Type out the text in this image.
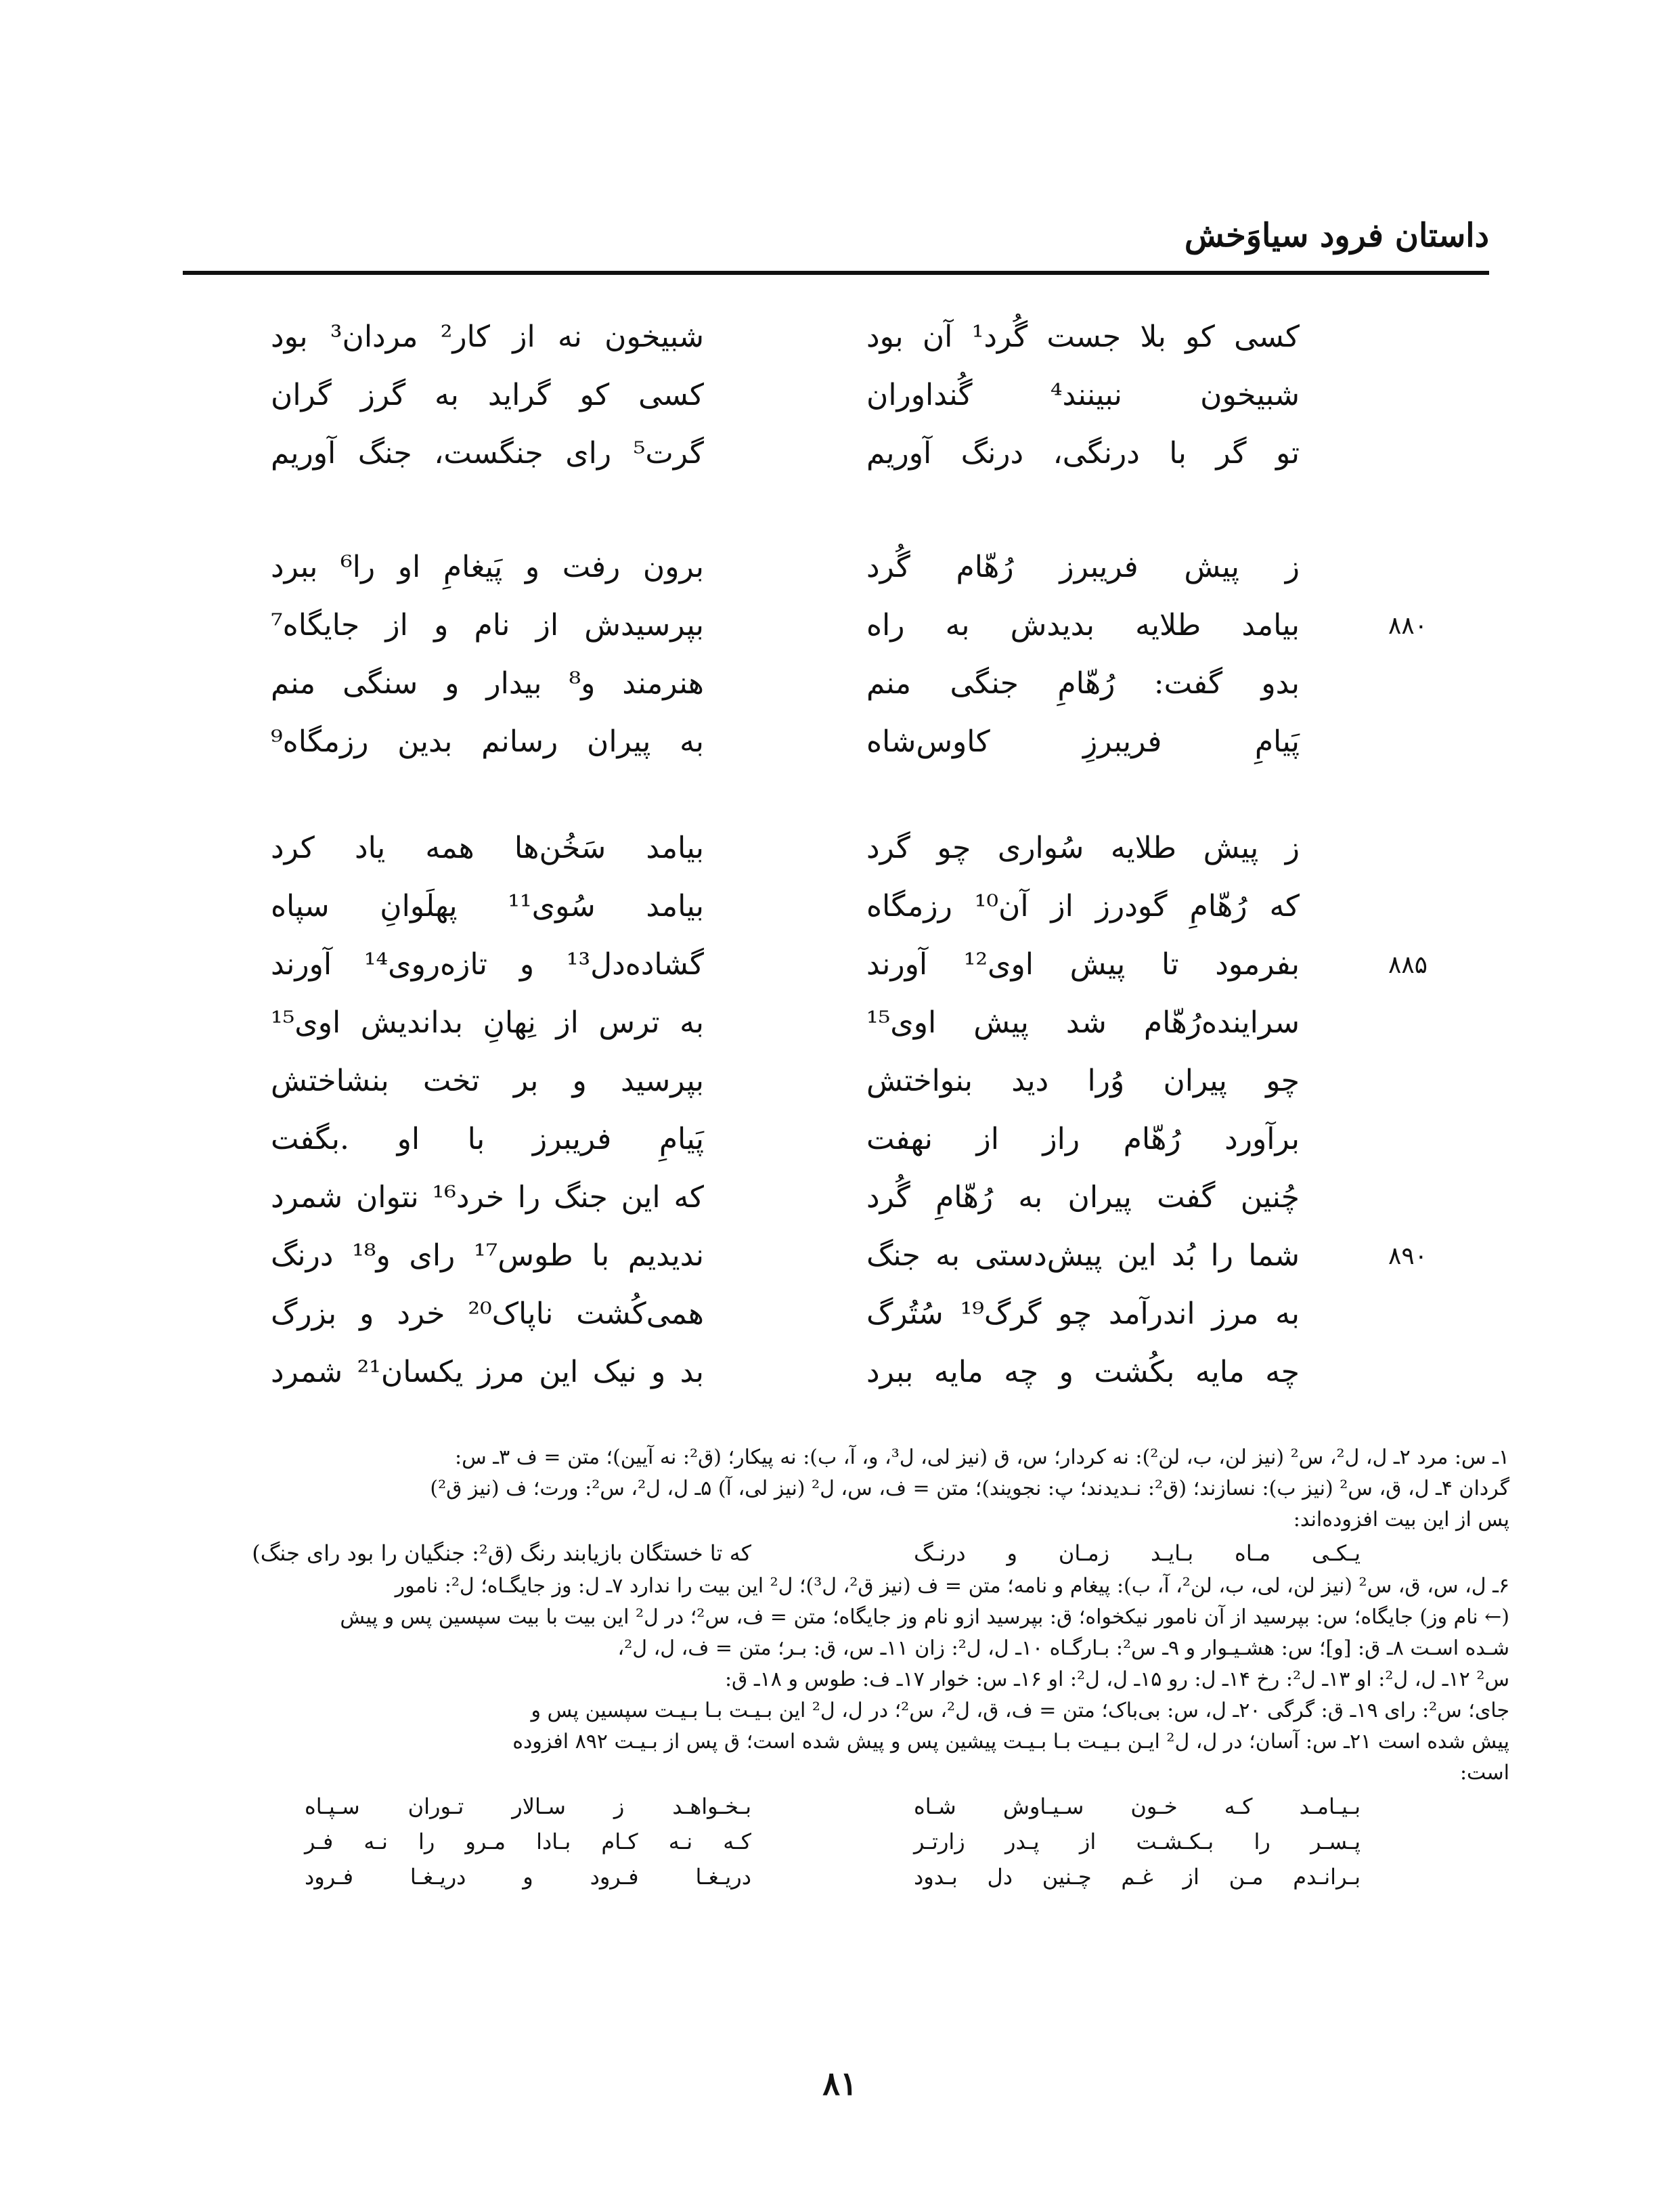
داستان فرود سیاوَخش
کسی کو بلا جست گُرد¹ آن بود
شبیخون نه از کار² مردان³ بود
شبیخون نبینند⁴ گُنداوران
کسی کو گراید به گرز گران
تو گر با درنگی، درنگ آوریم
گرت⁵ رای جنگست، جنگ آوریم
ز پیش فریبرز رُهّام گُرد
برون رفت و پَیغامِ او را⁶ ببرد
۸۸۰
بیامد طلایه بدیدش به راه
بپرسیدش از نام و از جایگاه⁷
بدو گفت: رُهّامِ جنگی منم
هنرمند و⁸ بیدار و سنگی منم
پَیامِ فریبرزِ کاوس‌شاه
به پیران رسانم بدین رزمگاه⁹
ز پیش طلایه سُواری چو گرد
بیامد سَخُن‌ها همه یاد کرد
که رُهّامِ گودرز از آن¹⁰ رزمگاه
بیامد سُوی¹¹ پهلَوانِ سپاه
۸۸۵
بفرمود تا پیش اوی¹² آورند
گشاده‌دل¹³ و تازه‌روی¹⁴ آورند
سراینده‌رُهّام شد پیش اوی¹⁵
به ترس از نِهانِ بداندیش اوی¹⁵
چو پیران وُرا دید بنواختش
بپرسید و بر تخت بنشاختش
برآورد رُهّام راز از نهفت
پَیامِ فریبرز با او .بگفت
چُنین گفت پیران به رُهّامِ گُرد
که این جنگ را خرد¹⁶ نتوان شمرد
۸۹۰
شما را بُد این پیش‌دستی به جنگ
ندیدیم با طوس¹⁷ رای و¹⁸ درنگ
به مرز اندرآمد چو گرگ¹⁹ سُتُرگ
همی‌کُشت ناپاک²⁰ خرد و بزرگ
چه مایه بکُشت و چه مایه ببرد
بد و نیک این مرز یکسان²¹ شمرد
۱ـ س: مرد ۲ـ ل، ل²، س² (نیز لن، ب، لن²): نه کردار؛ س، ق (نیز لی، ل³، و، آ، ب): نه پیکار؛ (ق²: نه آیین)؛ متن = ف ۳ـ س:
گردان ۴ـ ل، ق، س² (نیز ب): نسازند؛ (ق²: نـدیدند؛ پ: نجویند)؛ متن = ف، س، ل² (نیز لی، آ) ۵ـ ل، ل²، س²: ورت؛ ف (نیز ق²)
پس از این بیت افزوده‌اند:
یـکـی مـاه بـایـد زمـان و درنـگ
که تا خستگان بازیابند رنگ (ق²: جنگیان را بود رای جنگ)
۶ـ ل، س، ق، س² (نیز لن، لی، ب، لن²، آ، ب): پیغام و نامه؛ متن = ف (نیز ق²، ل³)؛ ل² این بیت را ندارد ۷ـ ل: وز جایگـاه؛ ل²: نامور
(← نام وز) جایگاه؛ س: بپرسید از آن نامور نیکخواه؛ ق: بپرسید ازو نام وز جایگاه؛ متن = ف، س²؛ در ل² این بیت با بیت سپسین پس و پیش
شـده اسـت ۸ـ ق: [و]؛ س: هشـیـوار و ۹ـ س²: بـارگـاه ۱۰ـ ل، ل²: زان ۱۱ـ س، ق: بـر؛ متن = ف، ل، ل²،
س² ۱۲ـ ل، ل²: او ۱۳ـ ل²: رخ ۱۴ـ ل: رو ۱۵ـ ل، ل²: او ۱۶ـ س: خوار ۱۷ـ ف: طوس و ۱۸ـ ق:
جای؛ س²: رای ۱۹ـ ق: گرگی ۲۰ـ ل، س: بی‌باک؛ متن = ف، ق، ل²، س²؛ در ل، ل² این بـیـت بـا بـیـت سپسین پس و
پیش شده است ۲۱ـ س: آسان؛ در ل، ل² ایـن بـیـت بـا بـیـت پیشین پس و پیش شده است؛ ق پس از بـیـت ۸۹۲ افزوده
است:
بـیـامـد کـه خـون سـیـاوش شـاه
بـخـواهـد ز سـالار تـوران سـپـاه
پـسـر را بـکـشـت از پـدر زارتـر
کـه نـه کـام بـادا مـرو را نـه فـر
بـرانـدم مـن از غـم چـنین دل بـدود
دریـغـا فـرود و دریـغـا فـرود
۸۱
